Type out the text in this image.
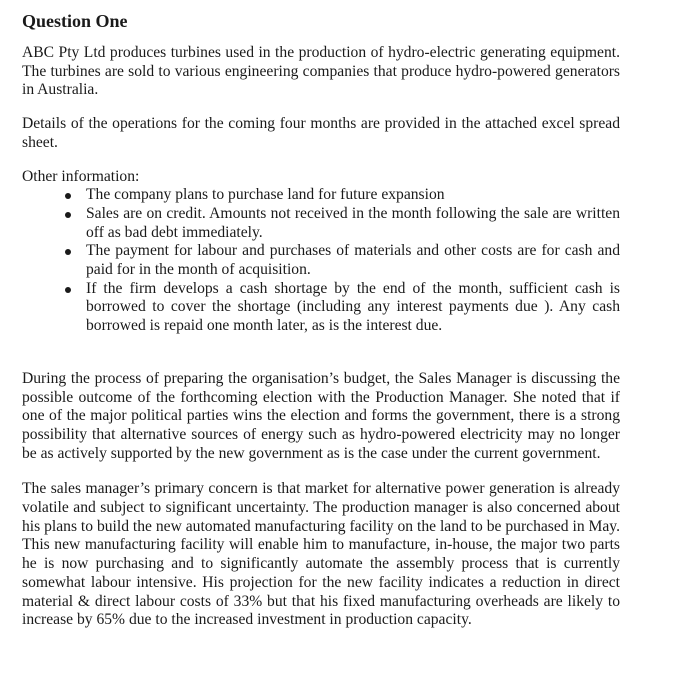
Question One

ABC Pty Ltd produces turbines used in the production of hydro-electric generating equipment. The turbines are sold to various engineering companies that produce hydro-powered generators in Australia.

Details of the operations for the coming four months are provided in the attached excel spread sheet.

Other information:

The company plans to purchase land for future expansion
Sales are on credit. Amounts not received in the month following the sale are written off as bad debt immediately.
The payment for labour and purchases of materials and other costs are for cash and paid for in the month of acquisition.
If the firm develops a cash shortage by the end of the month, sufficient cash is borrowed to cover the shortage (including any interest payments due ). Any cash borrowed is repaid one month later, as is the interest due.

During the process of preparing the organisation’s budget, the Sales Manager is discussing the possible outcome of the forthcoming election with the Production Manager. She noted that if one of the major political parties wins the election and forms the government, there is a strong possibility that alternative sources of energy such as hydro-powered electricity may no longer be as actively supported by the new government as is the case under the current government.

The sales manager’s primary concern is that market for alternative power generation is already volatile and subject to significant uncertainty. The production manager is also concerned about his plans to build the new automated manufacturing facility on the land to be purchased in May. This new manufacturing facility will enable him to manufacture, in-house, the major two parts he is now purchasing and to significantly automate the assembly process that is currently somewhat labour intensive. His projection for the new facility indicates a reduction in direct material & direct labour costs of 33% but that his fixed manufacturing overheads are likely to increase by 65% due to the increased investment in production capacity.
